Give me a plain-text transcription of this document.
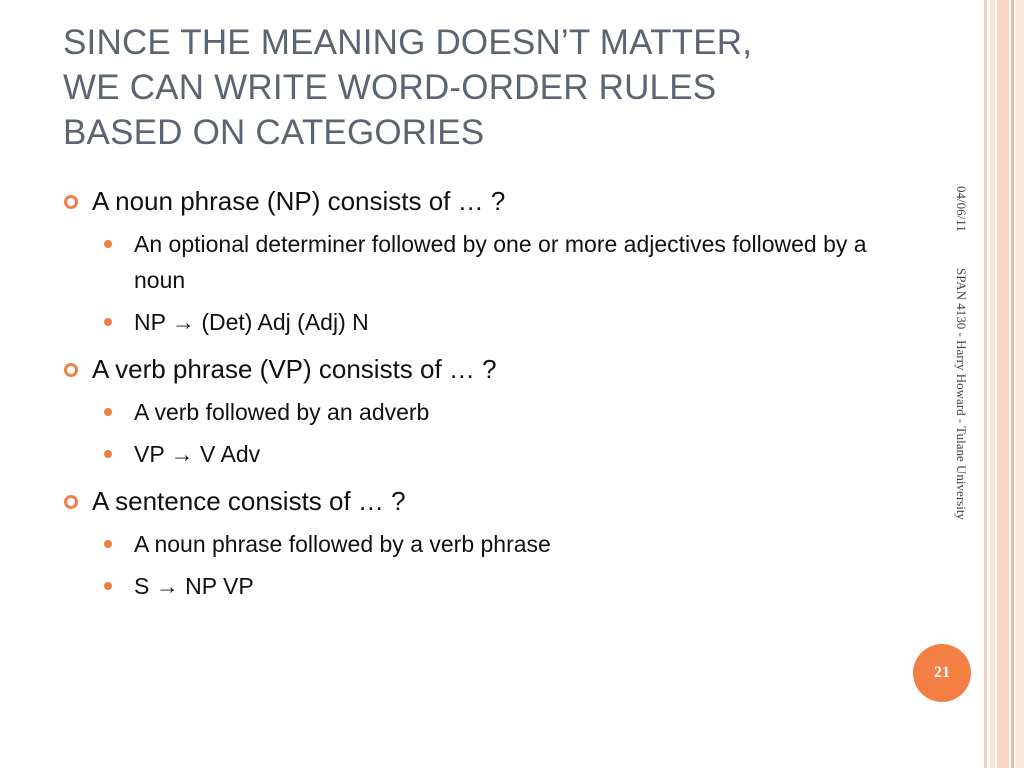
SINCE THE MEANING DOESN’T MATTER,
WE CAN WRITE WORD-ORDER RULES
BASED ON CATEGORIES
A noun phrase (NP) consists of … ?
An optional determiner followed by one or more adjectives followed by a noun
NP → (Det) Adj (Adj) N
A verb phrase (VP) consists of … ?
A verb followed by an adverb
VP → V Adv
A sentence consists of … ?
A noun phrase followed by a verb phrase
S → NP VP
04/06/11
SPAN 4130 - Harry Howard - Tulane University
21
